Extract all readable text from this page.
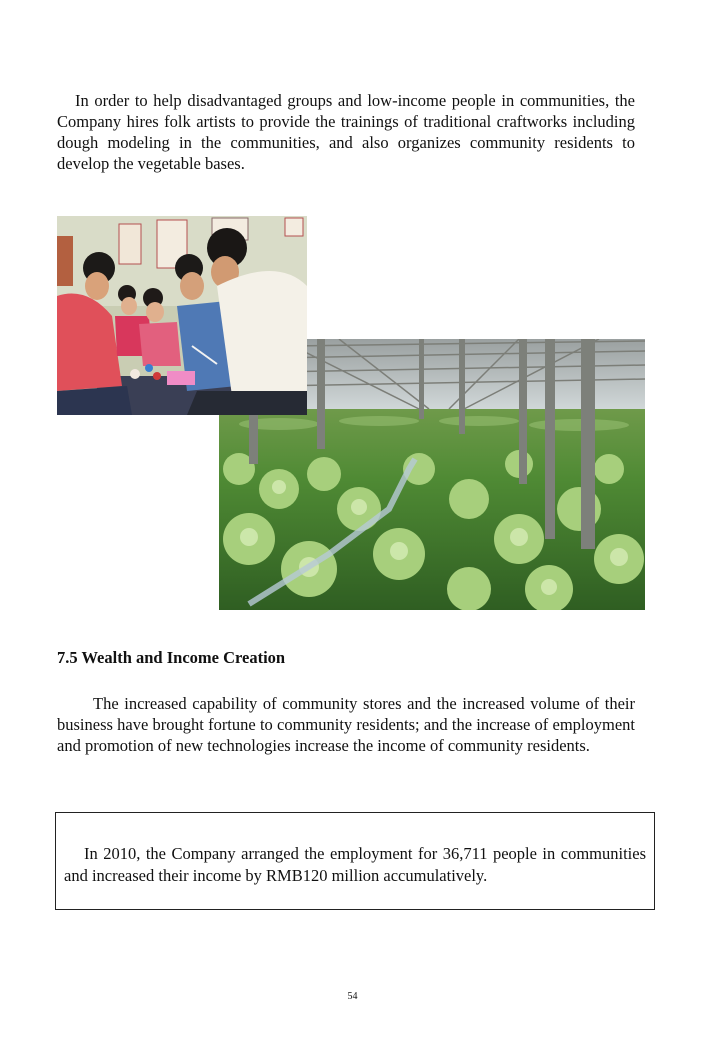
In order to help disadvantaged groups and low-income people in communities, the Company hires folk artists to provide the trainings of traditional craftworks including dough modeling in the communities, and also organizes community residents to develop the vegetable bases.

7.5 Wealth and Income Creation

The increased capability of community stores and the increased volume of their business have brought fortune to community residents; and the increase of employment and promotion of new technologies increase the income of community residents.

In 2010, the Company arranged the employment for 36,711 people in communities and increased their income by RMB120 million accumulatively.

54
